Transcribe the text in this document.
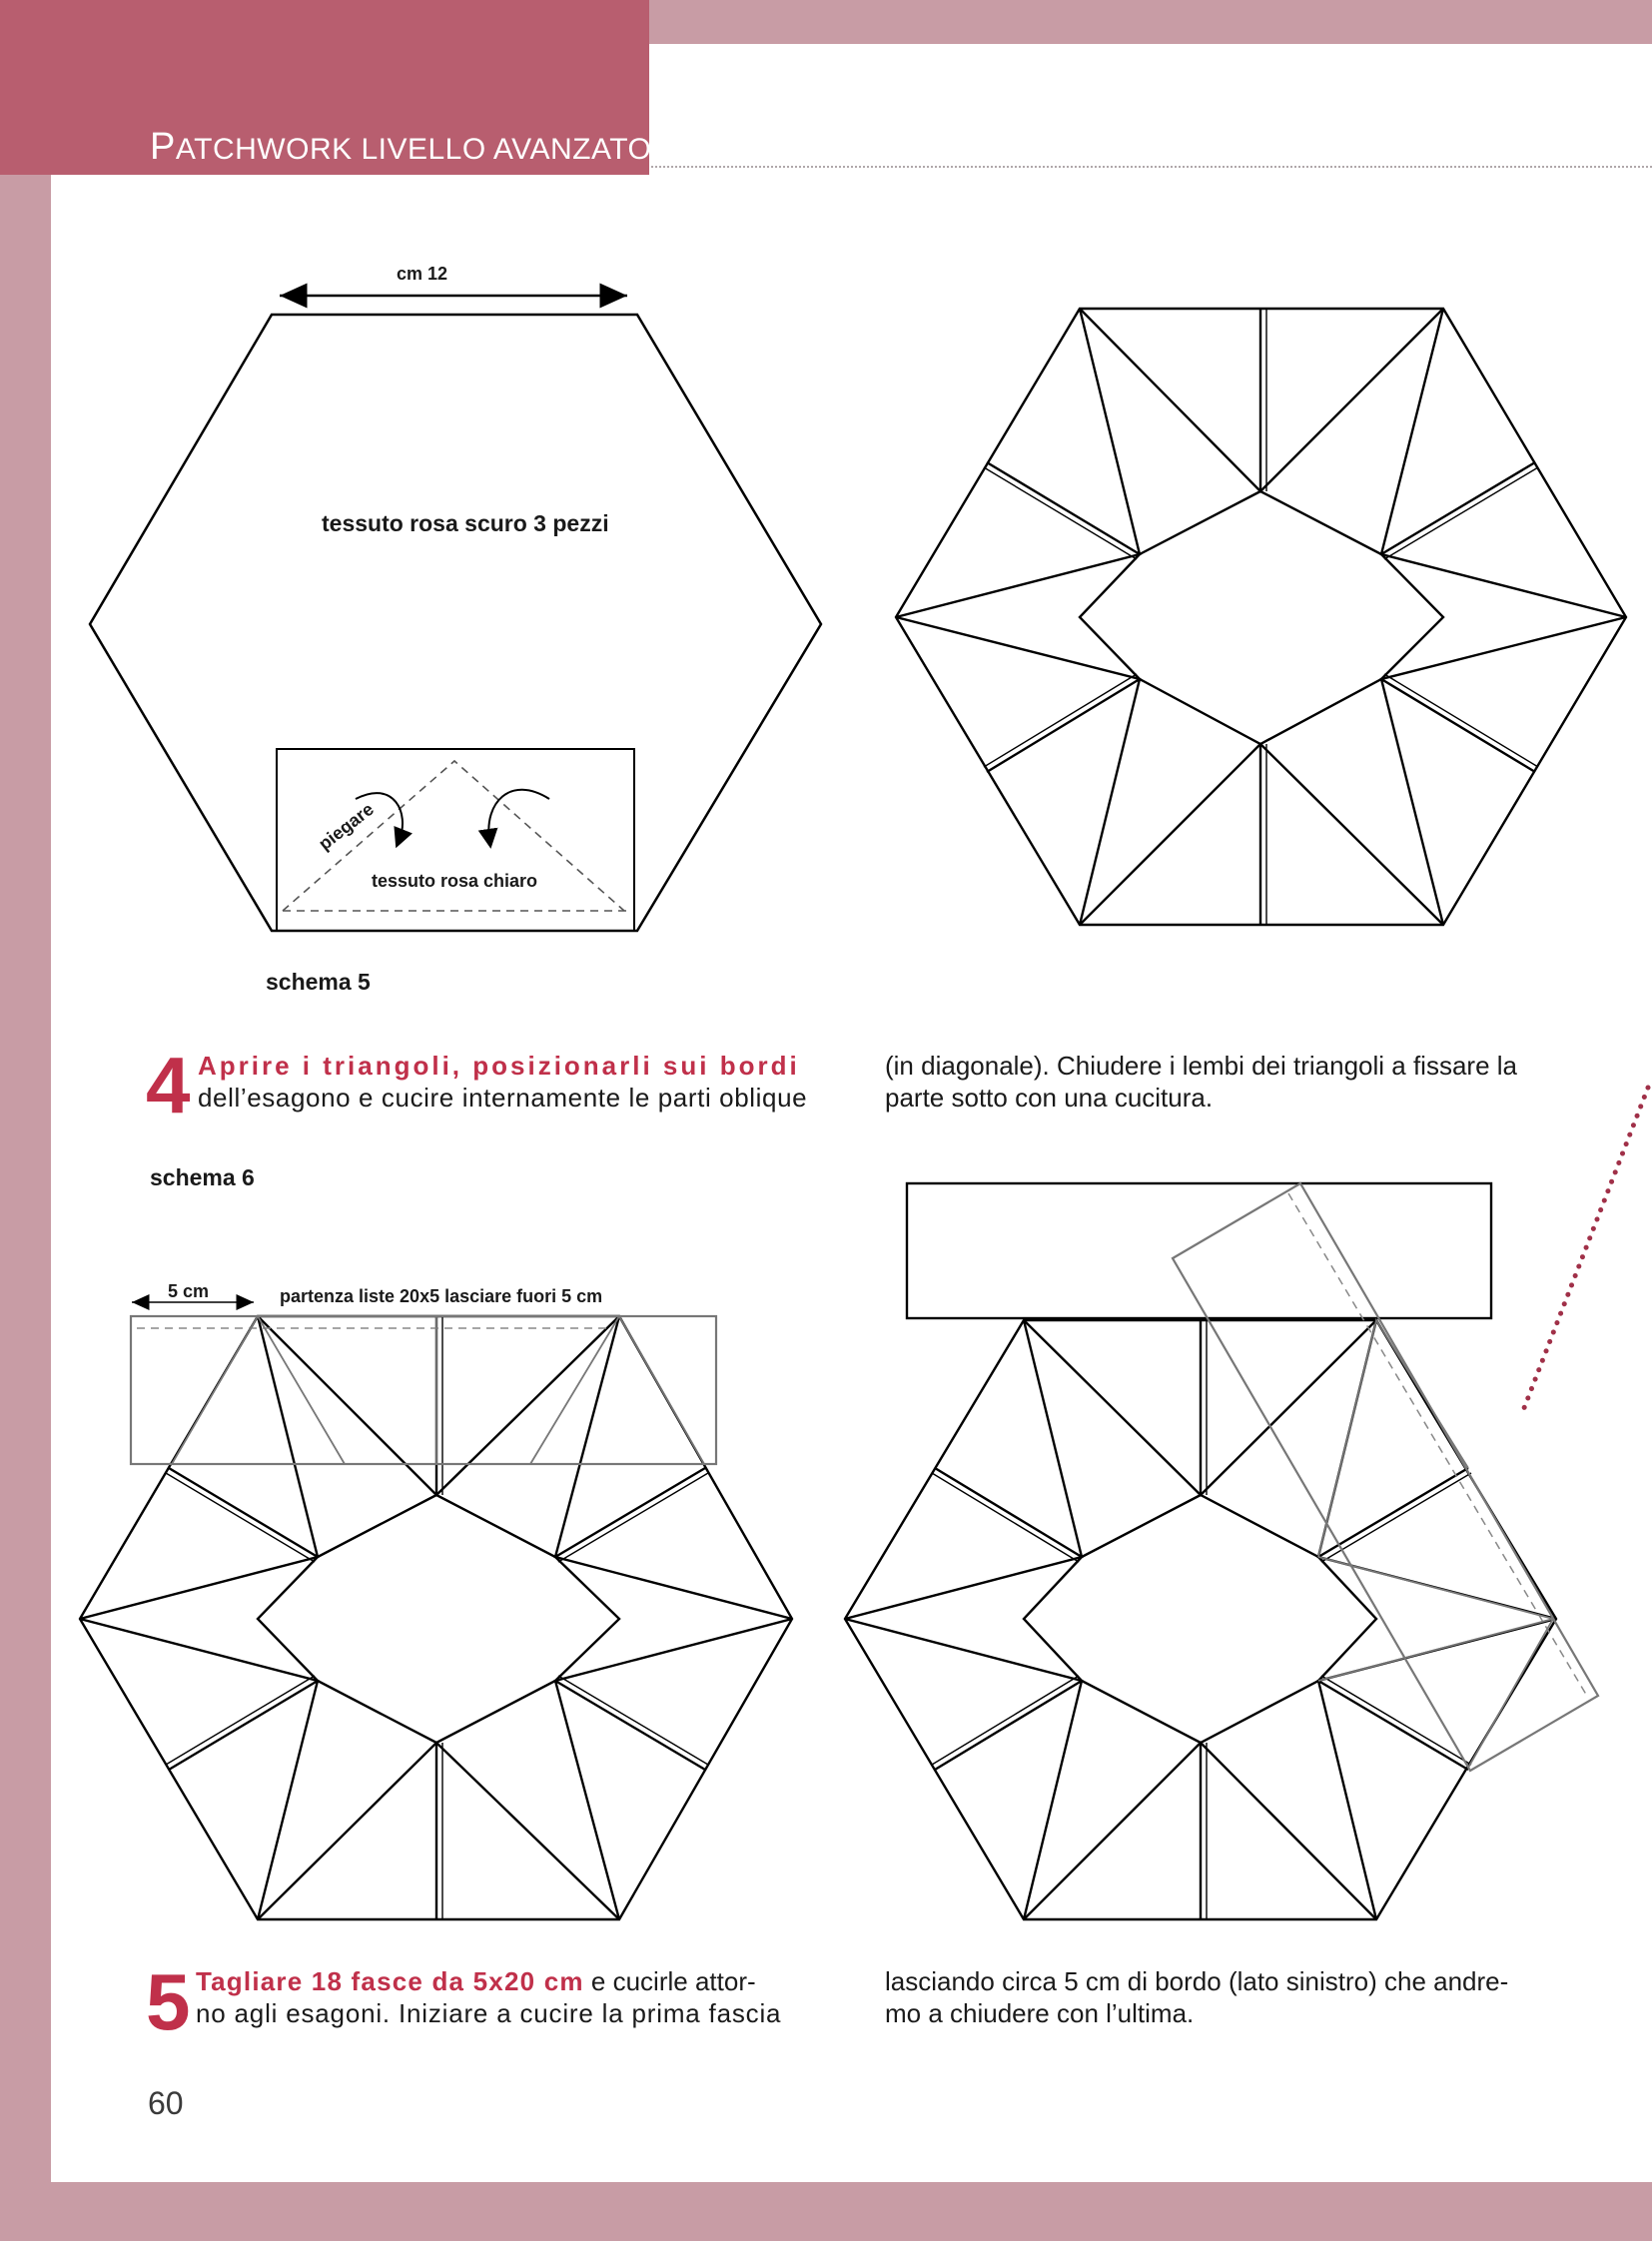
PATCHWORK LIVELLO AVANZATO
cm 12
tessuto rosa scuro 3 pezzi
piegare
tessuto rosa chiaro
5 cm	partenza liste 20x5 lasciare fuori 5 cm
schema 5
4 Aprire i triangoli, posizionarli sui bordi
dell’esagono e cucire internamente le parti oblique
(in diagonale). Chiudere i lembi dei triangoli a fissare la
parte sotto con una cucitura.
schema 6
5 Tagliare 18 fasce da 5x20 cm e cucirle attor-
no agli esagoni. Iniziare a cucire la prima fascia
lasciando circa 5 cm di bordo (lato sinistro) che andre-
mo a chiudere con l’ultima.
60
